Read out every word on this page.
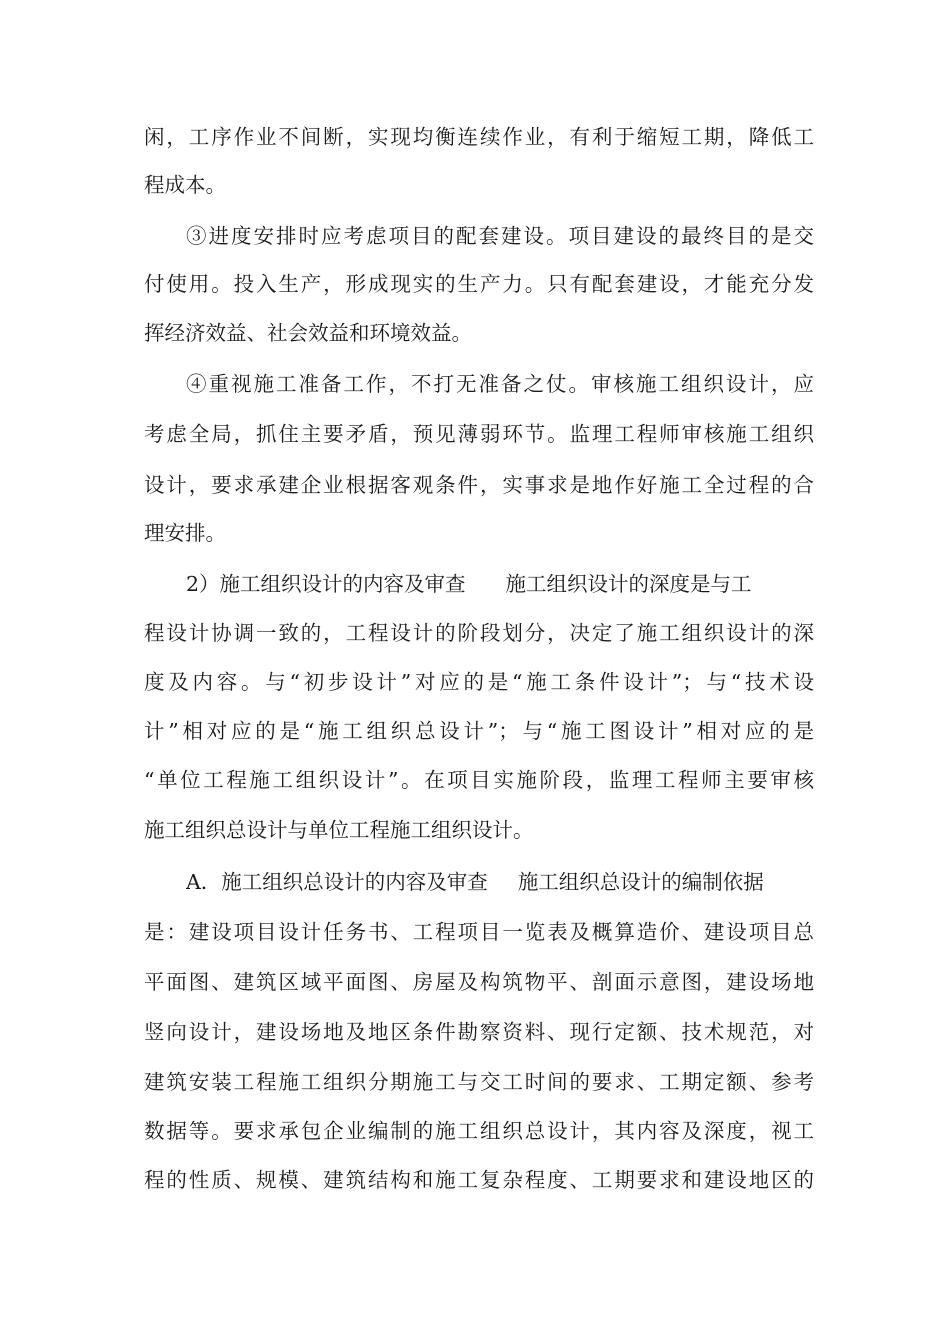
闲，工序作业不间断，实现均衡连续作业，有利于缩短工期，降低工
程成本。
③进度安排时应考虑项目的配套建设。项目建设的最终目的是交
付使用。投入生产，形成现实的生产力。只有配套建设，才能充分发
挥经济效益、社会效益和环境效益。
④重视施工准备工作，不打无准备之仗。审核施工组织设计，应
考虑全局，抓住主要矛盾，预见薄弱环节。监理工程师审核施工组织
设计，要求承建企业根据客观条件，实事求是地作好施工全过程的合
理安排。
2）施工组织设计的内容及审查 施工组织设计的深度是与工
程设计协调一致的，工程设计的阶段划分，决定了施工组织设计的深
度及内容。与“初步设计”对应的是“施工条件设计”；与“技术设
计”相对应的是“施工组织总设计”；与“施工图设计”相对应的是
“单位工程施工组织设计”。在项目实施阶段，监理工程师主要审核
施工组织总设计与单位工程施工组织设计。
A．施工组织总设计的内容及审查 施工组织总设计的编制依据
是：建设项目设计任务书、工程项目一览表及概算造价、建设项目总
平面图、建筑区域平面图、房屋及构筑物平、剖面示意图，建设场地
竖向设计，建设场地及地区条件勘察资料、现行定额、技术规范，对
建筑安装工程施工组织分期施工与交工时间的要求、工期定额、参考
数据等。要求承包企业编制的施工组织总设计，其内容及深度，视工
程的性质、规模、建筑结构和施工复杂程度、工期要求和建设地区的
